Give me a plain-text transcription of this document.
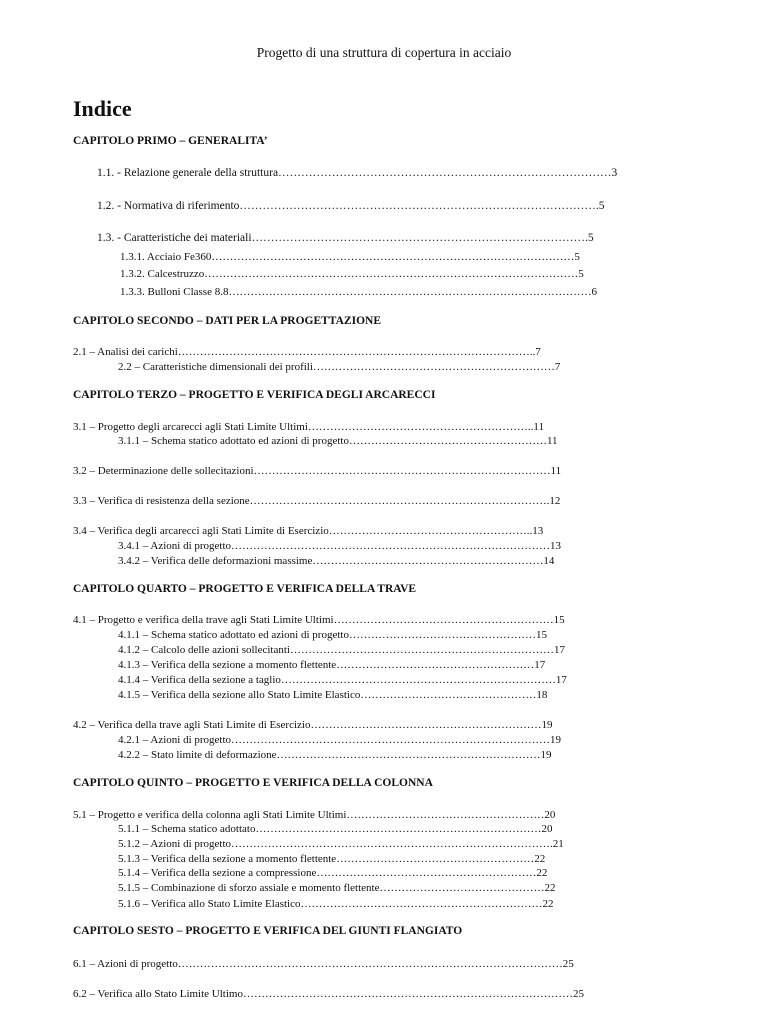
Progetto di una struttura di copertura in acciaio
Indice
CAPITOLO PRIMO – GENERALITA’
CAPITOLO SECONDO – DATI PER LA PROGETTAZIONE
CAPITOLO TERZO – PROGETTO E VERIFICA DEGLI ARCARECCI
CAPITOLO QUARTO – PROGETTO E VERIFICA DELLA TRAVE
CAPITOLO QUINTO – PROGETTO E VERIFICA DELLA COLONNA
CAPITOLO SESTO – PROGETTO E VERIFICA DEL GIUNTI FLANGIATO
1.1. - Relazione generale della struttura……………………………………………………………………………3
1.2. - Normativa di riferimento………………………………………………………………………………….5
1.3. - Caratteristiche dei materiali…………………………………………………………………………….5
1.3.1. Acciaio Fe360………………………………………………………………………………………5
1.3.2. Calcestruzzo…………………………………………………………………………………………5
1.3.3. Bulloni Classe 8.8………………………………………………………………………………………6
2.1 – Analisi dei carichi……………………………………………………………………………………..7
2.2 – Caratteristiche dimensionali dei profili…………………………………………………………7
3.1 – Progetto degli arcarecci agli Stati Limite Ultimi……………………………………………………..11
3.1.1 – Schema statico adottato ed azioni di progetto………………………………………………11
3.2 – Determinazione delle sollecitazioni………………………………………………………………………11
3.3 – Verifica di resistenza della sezione……………………………………………………………………….12
3.4 – Verifica degli arcarecci agli Stati Limite di Esercizio………………………………………………..13
3.4.1 – Azioni di progetto……………………………………………………………………………13
3.4.2 – Verifica delle deformazioni massime………………………………………………………14
4.1 – Progetto e verifica della trave agli Stati Limite Ultimi……………………………………………………15
4.1.1 – Schema statico adottato ed azioni di progetto……………………………………………15
4.1.2 – Calcolo delle azioni sollecitanti………………………………………………………………17
4.1.3 – Verifica della sezione a momento flettente………………………………………………17
4.1.4 – Verifica della sezione a taglio…………………………………………………………………17
4.1.5 – Verifica della sezione allo Stato Limite Elastico…………………………………………18
4.2 – Verifica della trave agli Stati Limite di Esercizio………………………………………………………19
4.2.1 – Azioni di progetto……………………………………………………………………………19
4.2.2 – Stato limite di deformazione………………………………………………………………19
5.1 – Progetto e verifica della colonna agli Stati Limite Ultimi………………………………………………20
5.1.1 – Schema statico adottato……………………………………………………………………20
5.1.2 – Azioni di progetto…………………………………………………………………………….21
5.1.3 – Verifica della sezione a momento flettente………………………………………………22
5.1.4 – Verifica della sezione a compressione……………………………………………………22
5.1.5 – Combinazione di sforzo assiale e momento flettente………………………………………22
5.1.6 – Verifica allo Stato Limite Elastico…………………………………………………………22
6.1 – Azioni di progetto……………………………………………………………………………………………25
6.2 – Verifica allo Stato Limite Ultimo………………………………………………………………………………25
